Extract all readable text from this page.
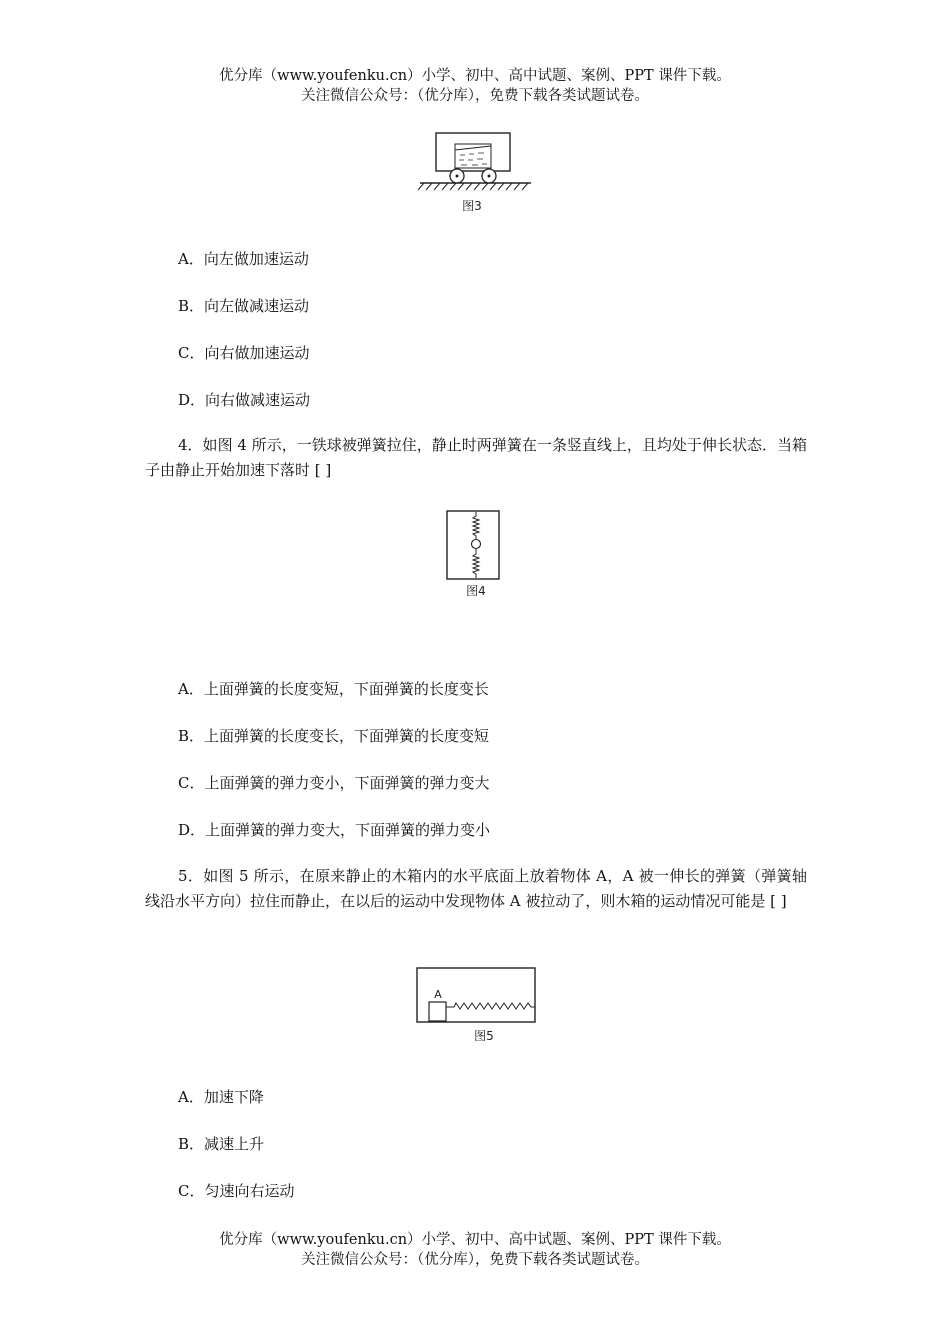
优分库（www.youfenku.cn）小学、初中、高中试题、案例、PPT 课件下载。
关注微信公众号：（优分库），免费下载各类试题试卷。
图3
A．向左做加速运动
B．向左做减速运动
C．向右做加速运动
D．向右做减速运动
4．如图 4 所示，一铁球被弹簧拉住，静止时两弹簧在一条竖直线上，且均处于伸长状态．当箱子由静止开始加速下落时 [ ]
图4
A．上面弹簧的长度变短，下面弹簧的长度变长
B．上面弹簧的长度变长，下面弹簧的长度变短
C．上面弹簧的弹力变小，下面弹簧的弹力变大
D．上面弹簧的弹力变大，下面弹簧的弹力变小
5．如图 5 所示，在原来静止的木箱内的水平底面上放着物体 A，A 被一伸长的弹簧（弹簧轴线沿水平方向）拉住而静止，在以后的运动中发现物体 A 被拉动了，则木箱的运动情况可能是 [ ]
A
图5
A．加速下降
B．减速上升
C．匀速向右运动
优分库（www.youfenku.cn）小学、初中、高中试题、案例、PPT 课件下载。
关注微信公众号：（优分库），免费下载各类试题试卷。
